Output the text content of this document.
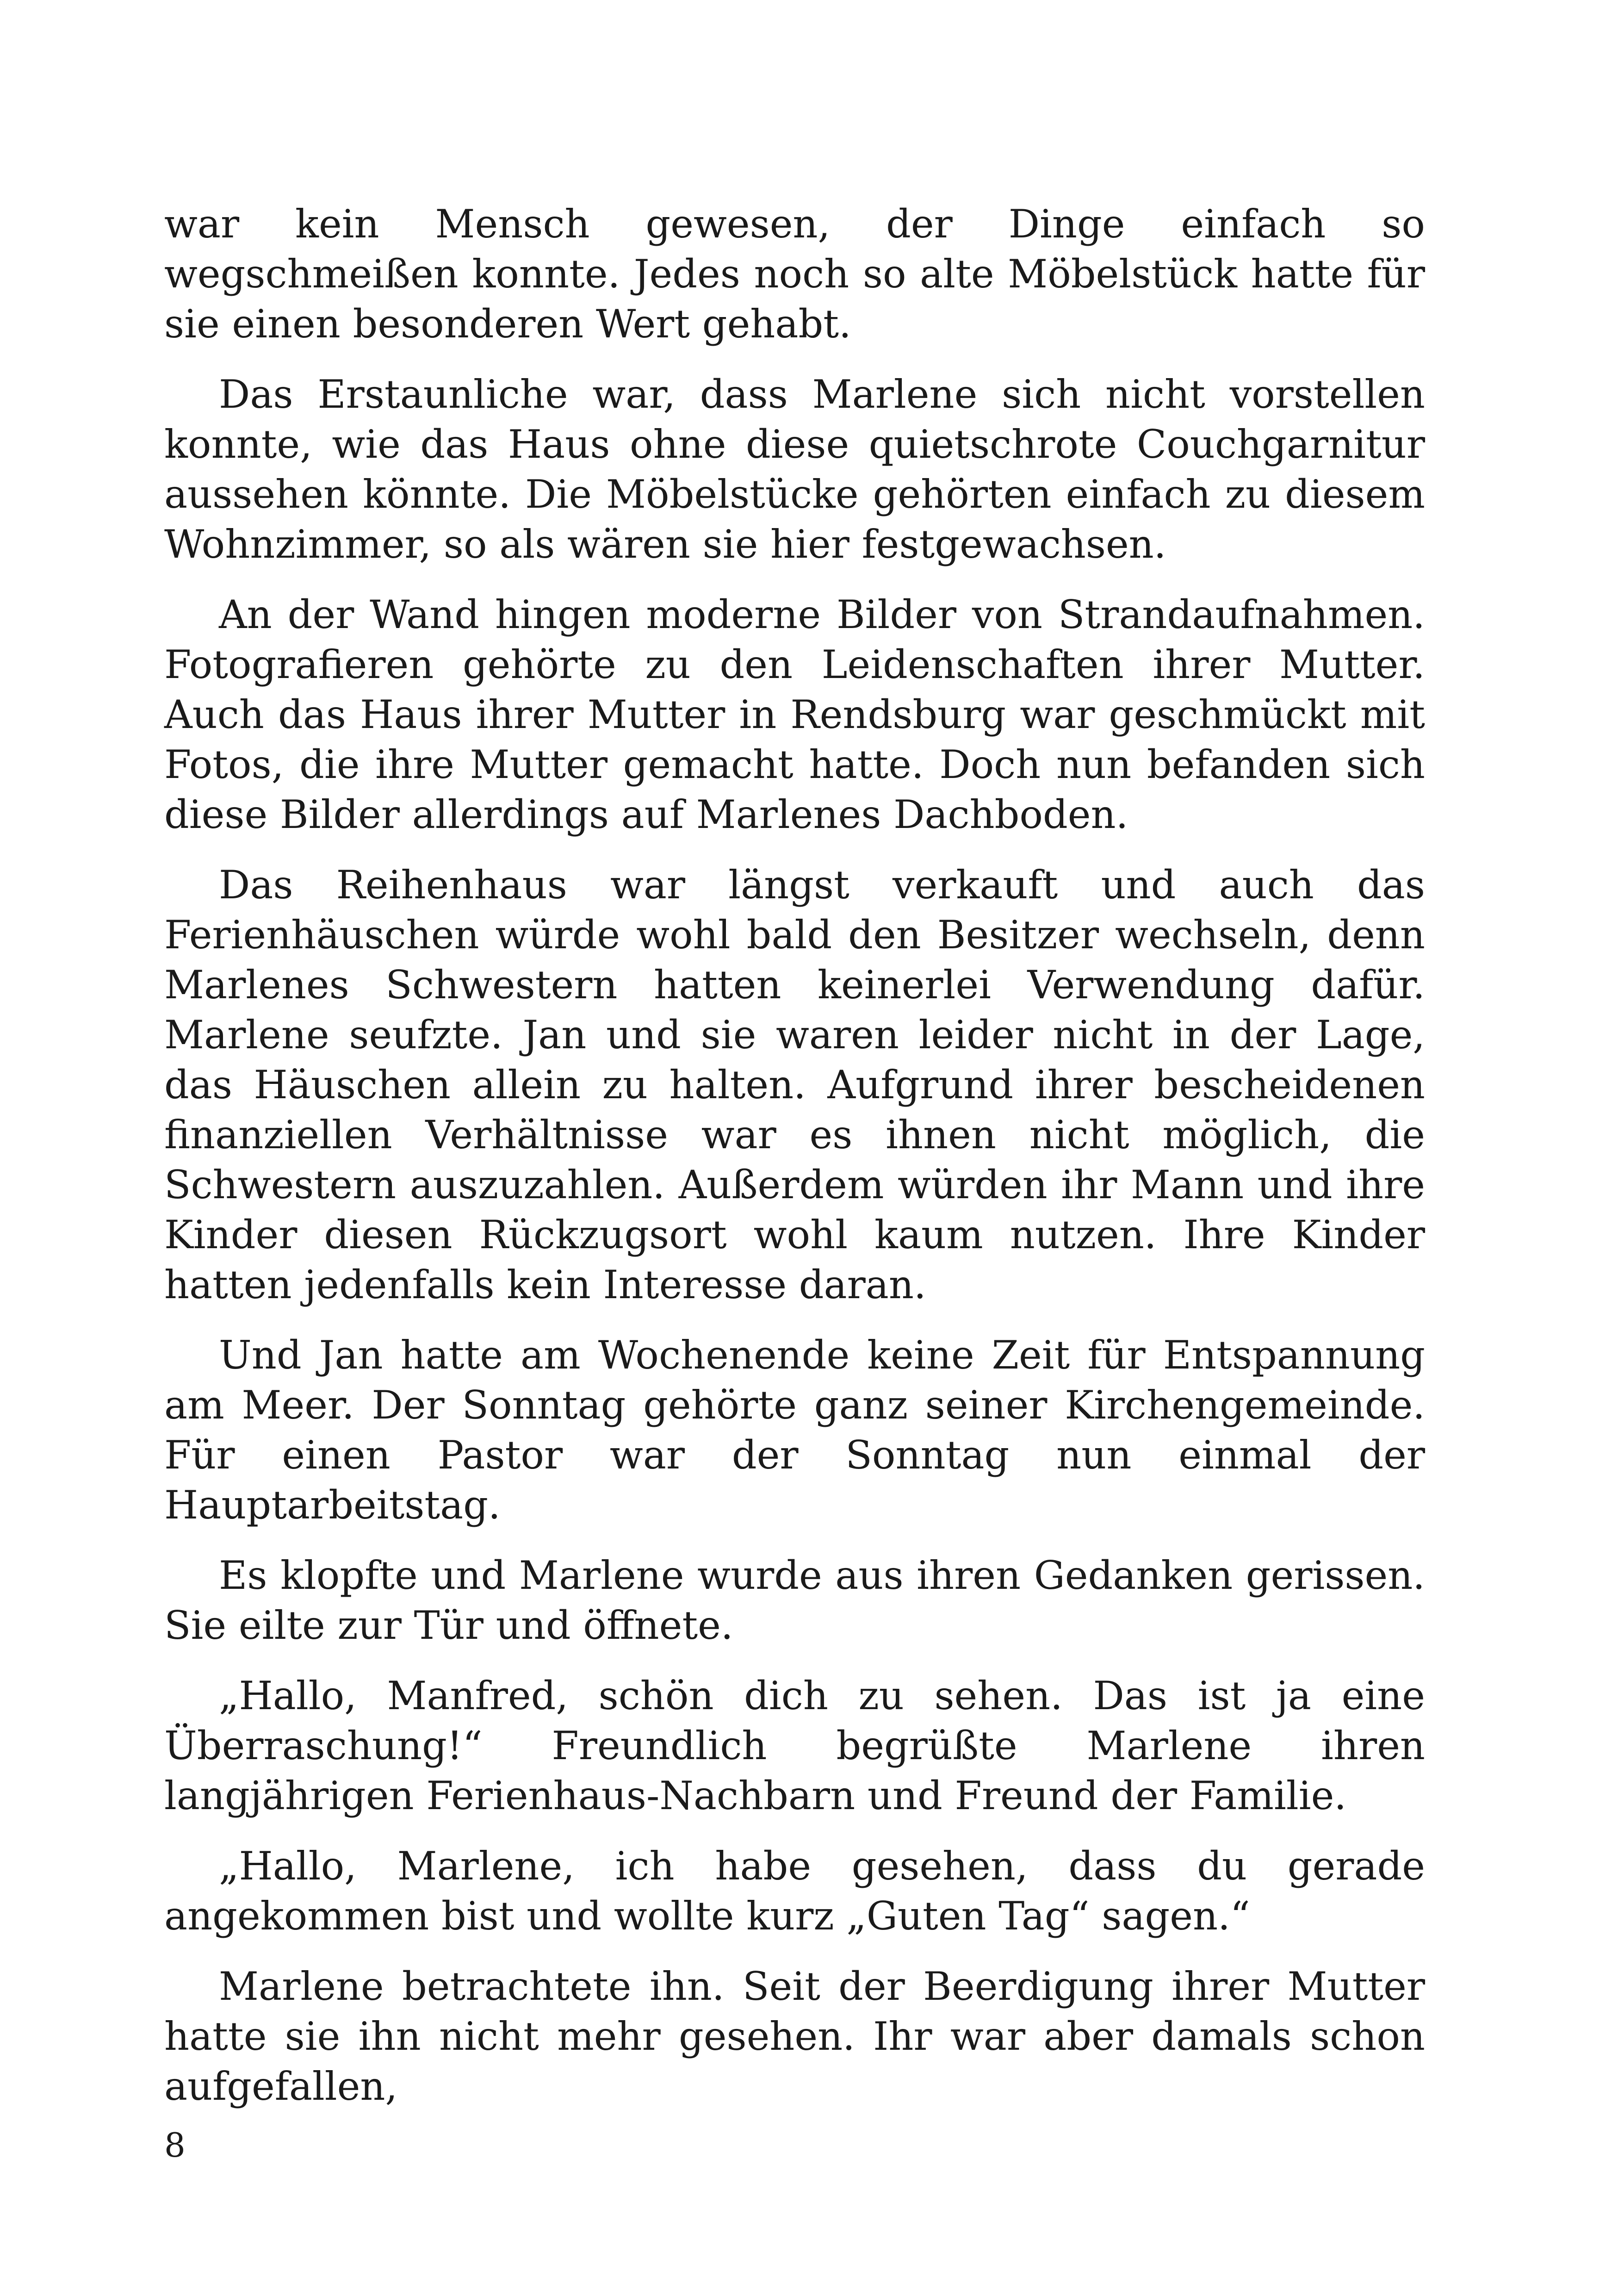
war kein Mensch gewesen, der Dinge einfach so wegschmeißen konnte. Jedes noch so alte Möbelstück hatte für sie einen besonderen Wert gehabt.

Das Erstaunliche war, dass Marlene sich nicht vorstellen konnte, wie das Haus ohne diese quietschrote Couchgarnitur aussehen könnte. Die Möbelstücke gehörten einfach zu diesem Wohnzimmer, so als wären sie hier festgewachsen.

An der Wand hingen moderne Bilder von Strandaufnahmen. Fotografieren gehörte zu den Leidenschaften ihrer Mutter. Auch das Haus ihrer Mutter in Rendsburg war geschmückt mit Fotos, die ihre Mutter gemacht hatte. Doch nun befanden sich diese Bilder allerdings auf Marlenes Dachboden.

Das Reihenhaus war längst verkauft und auch das Ferienhäuschen würde wohl bald den Besitzer wechseln, denn Marlenes Schwestern hatten keinerlei Verwendung dafür. Marlene seufzte. Jan und sie waren leider nicht in der Lage, das Häuschen allein zu halten. Aufgrund ihrer bescheidenen finanziellen Verhältnisse war es ihnen nicht möglich, die Schwestern auszuzahlen. Außerdem würden ihr Mann und ihre Kinder diesen Rückzugsort wohl kaum nutzen. Ihre Kinder hatten jedenfalls kein Interesse daran.

Und Jan hatte am Wochenende keine Zeit für Entspannung am Meer. Der Sonntag gehörte ganz seiner Kirchengemeinde. Für einen Pastor war der Sonntag nun einmal der Hauptarbeitstag.

Es klopfte und Marlene wurde aus ihren Gedanken gerissen. Sie eilte zur Tür und öffnete.

„Hallo, Manfred, schön dich zu sehen. Das ist ja eine Überraschung!“ Freundlich begrüßte Marlene ihren langjährigen Ferienhaus-Nachbarn und Freund der Familie.

„Hallo, Marlene, ich habe gesehen, dass du gerade angekommen bist und wollte kurz „Guten Tag“ sagen.“

Marlene betrachtete ihn. Seit der Beerdigung ihrer Mutter hatte sie ihn nicht mehr gesehen. Ihr war aber damals schon aufgefallen,

8
